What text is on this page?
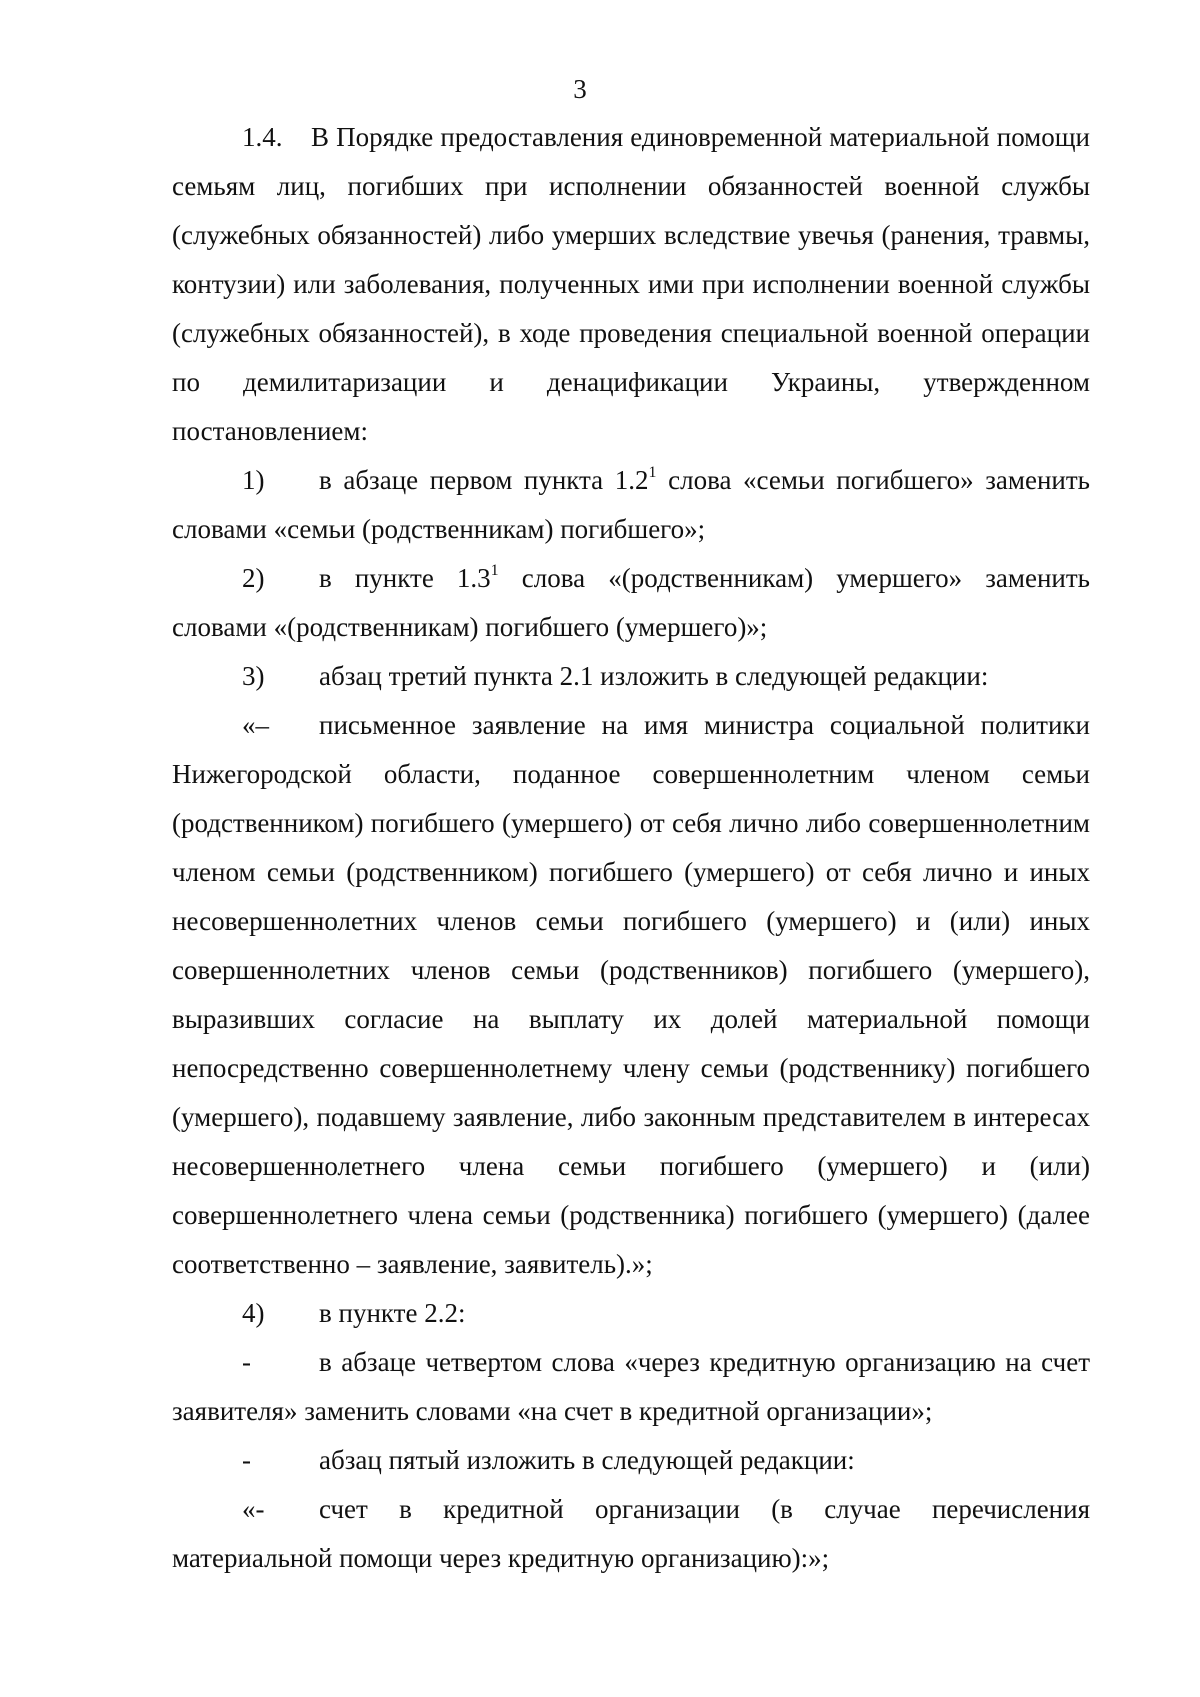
3

1.4. В Порядке предоставления единовременной материальной помощи семьям лиц, погибших при исполнении обязанностей военной службы (служебных обязанностей) либо умерших вследствие увечья (ранения, травмы, контузии) или заболевания, полученных ими при исполнении военной службы (служебных обязанностей), в ходе проведения специальной военной операции по демилитаризации и денацификации Украины, утвержденном постановлением:

1) в абзаце первом пункта $1.2^1$ слова «семьи погибшего» заменить словами «семьи (родственникам) погибшего»;

2) в пункте $1.3^1$ слова «(родственникам) умершего» заменить словами «(родственникам) погибшего (умершего)»;

3) абзац третий пункта 2.1 изложить в следующей редакции:

«– письменное заявление на имя министра социальной политики Нижегородской области, поданное совершеннолетним членом семьи (родственником) погибшего (умершего) от себя лично либо совершеннолетним членом семьи (родственником) погибшего (умершего) от себя лично и иных несовершеннолетних членов семьи погибшего (умершего) и (или) иных совершеннолетних членов семьи (родственников) погибшего (умершего), выразивших согласие на выплату их долей материальной помощи непосредственно совершеннолетнему члену семьи (родственнику) погибшего (умершего), подавшему заявление, либо законным представителем в интересах несовершеннолетнего члена семьи погибшего (умершего) и (или) совершеннолетнего члена семьи (родственника) погибшего (умершего) (далее соответственно – заявление, заявитель).»;

4) в пункте 2.2:

-	в абзаце четвертом слова «через кредитную организацию на счет заявителя» заменить словами «на счет в кредитной организации»;

-	абзац пятый изложить в следующей редакции:

«- счет в кредитной организации (в случае перечисления материальной помощи через кредитную организацию):»;
